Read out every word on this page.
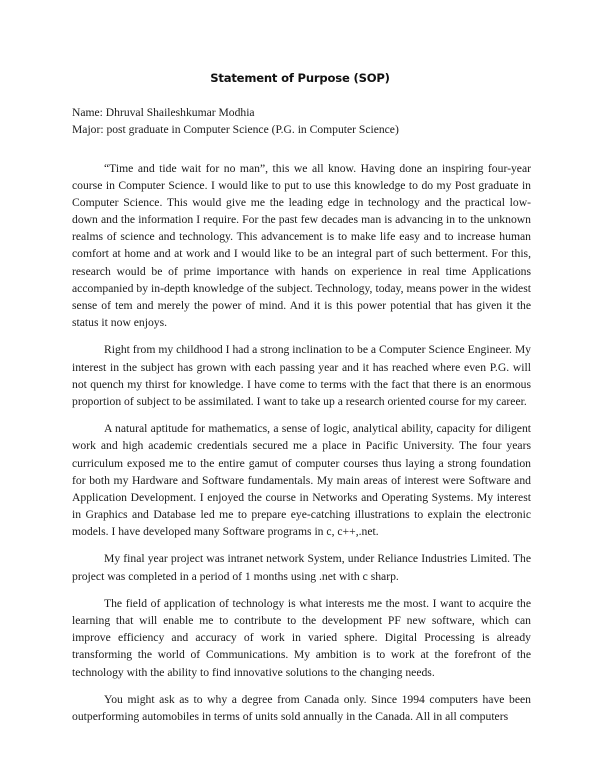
Statement of Purpose (SOP)
Name: Dhruval Shaileshkumar Modhia
Major: post graduate in Computer Science (P.G. in Computer Science)

“Time and tide wait for no man”, this we all know. Having done an inspiring four-year course in Computer Science. I would like to put to use this knowledge to do my Post graduate in Computer Science. This would give me the leading edge in technology and the practical low-down and the information I require. For the past few decades man is advancing in to the unknown realms of science and technology. This advancement is to make life easy and to increase human comfort at home and at work and I would like to be an integral part of such betterment. For this, research would be of prime importance with hands on experience in real time Applications accompanied by in-depth knowledge of the subject. Technology, today, means power in the widest sense of tem and merely the power of mind. And it is this power potential that has given it the status it now enjoys.

Right from my childhood I had a strong inclination to be a Computer Science Engineer. My interest in the subject has grown with each passing year and it has reached where even P.G. will not quench my thirst for knowledge. I have come to terms with the fact that there is an enormous proportion of subject to be assimilated. I want to take up a research oriented course for my career.

A natural aptitude for mathematics, a sense of logic, analytical ability, capacity for diligent work and high academic credentials secured me a place in Pacific University. The four years curriculum exposed me to the entire gamut of computer courses thus laying a strong foundation for both my Hardware and Software fundamentals. My main areas of interest were Software and Application Development. I enjoyed the course in Networks and Operating Systems. My interest in Graphics and Database led me to prepare eye-catching illustrations to explain the electronic models. I have developed many Software programs in c, c++,.net.

My final year project was intranet network System, under Reliance Industries Limited. The project was completed in a period of 1 months using .net with c sharp.

The field of application of technology is what interests me the most. I want to acquire the learning that will enable me to contribute to the development PF new software, which can improve efficiency and accuracy of work in varied sphere. Digital Processing is already transforming the world of Communications. My ambition is to work at the forefront of the technology with the ability to find innovative solutions to the changing needs.

You might ask as to why a degree from Canada only. Since 1994 computers have been outperforming automobiles in terms of units sold annually in the Canada. All in all computers
